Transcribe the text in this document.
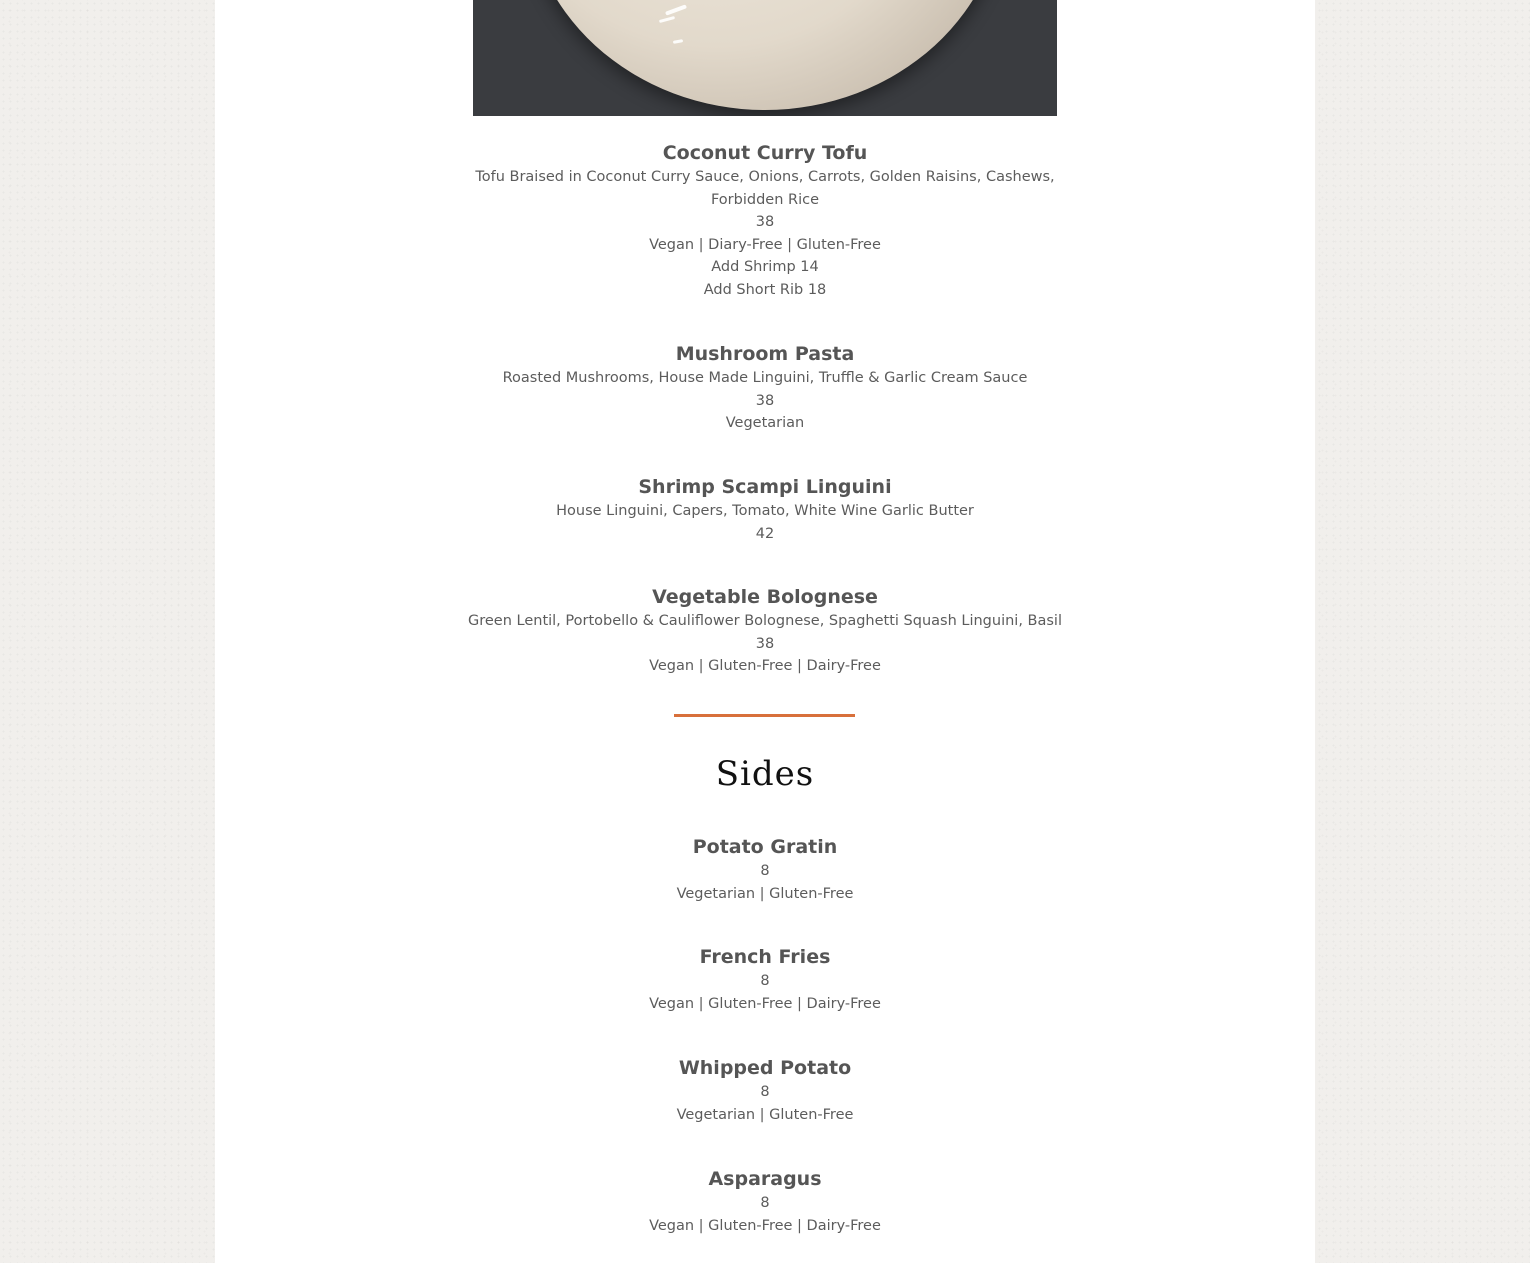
Coconut Curry Tofu
Tofu Braised in Coconut Curry Sauce, Onions, Carrots, Golden Raisins, Cashews, Forbidden Rice
38
Vegan | Diary-Free | Gluten-Free
Add Shrimp 14
Add Short Rib 18
Mushroom Pasta
Roasted Mushrooms, House Made Linguini, Truffle & Garlic Cream Sauce
38
Vegetarian
Shrimp Scampi Linguini
House Linguini, Capers, Tomato, White Wine Garlic Butter
42
Vegetable Bolognese
Green Lentil, Portobello & Cauliflower Bolognese, Spaghetti Squash Linguini, Basil
38
Vegan | Gluten-Free | Dairy-Free
Sides
Potato Gratin
8
Vegetarian | Gluten-Free
French Fries
8
Vegan | Gluten-Free | Dairy-Free
Whipped Potato
8
Vegetarian | Gluten-Free
Asparagus
8
Vegan | Gluten-Free | Dairy-Free
